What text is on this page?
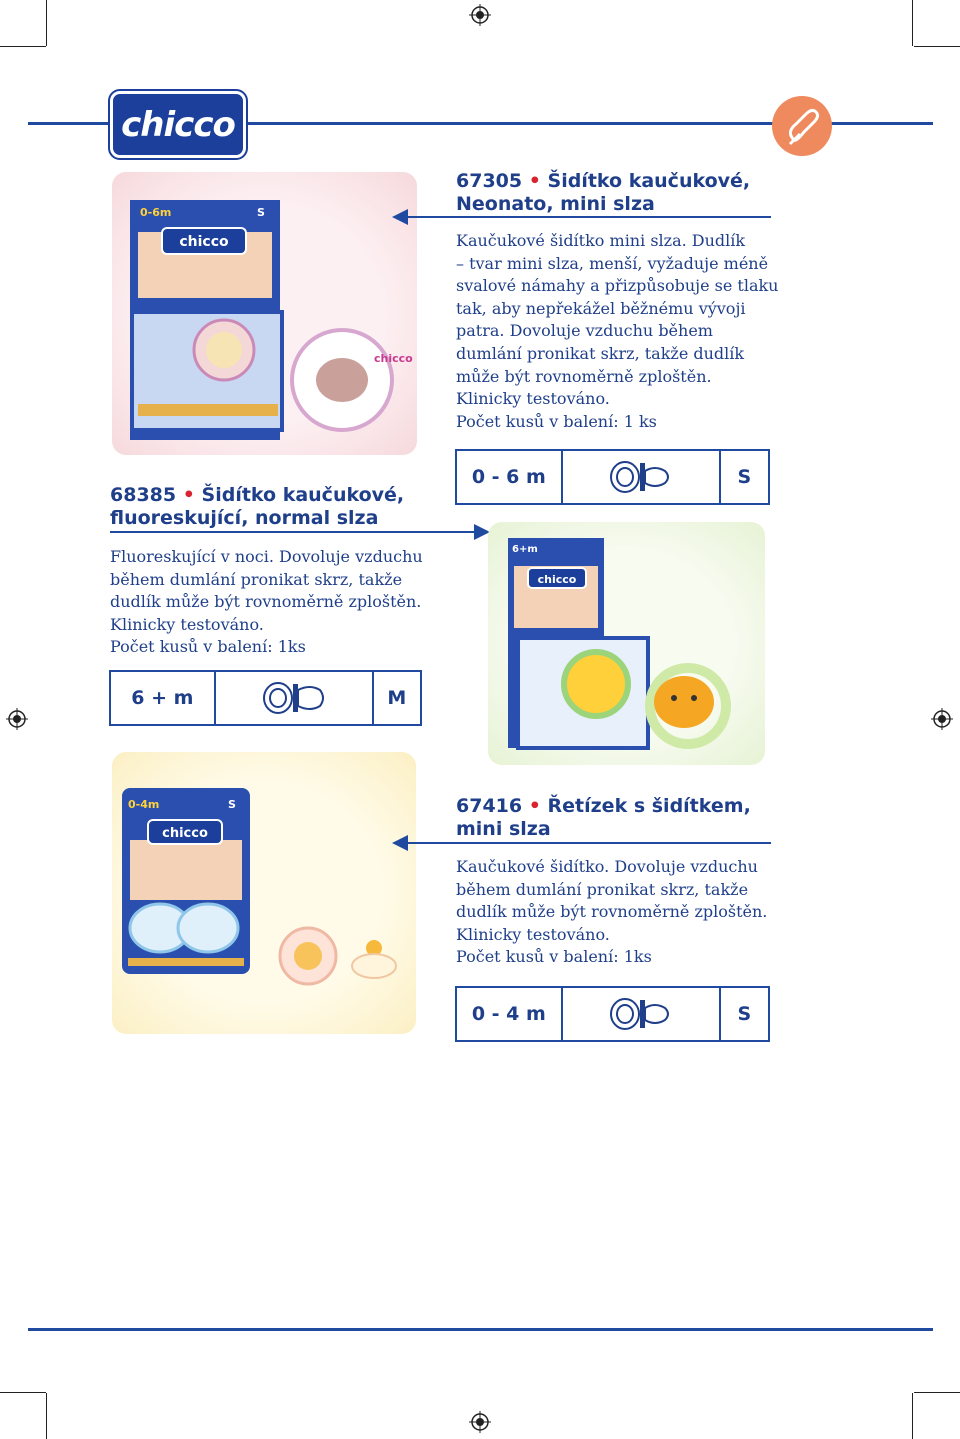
chicco
chicco
0-6m	S
chicco
67305 • Šidítko kaučukové,
Neonato, mini slza
Kaučukové šidítko mini slza. Dudlík
– tvar mini slza, menší, vyžaduje méně
svalové námahy a přizpůsobuje se tlaku
tak, aby nepřekážel běžnému vývoji
patra. Dovoluje vzduchu během
dumlání pronikat skrz, takže dudlík
může být rovnoměrně zploštěn.
Klinicky testováno.
Počet kusů v balení: 1 ks
0 - 6 m	S
68385 • Šidítko kaučukové,
fluoreskující, normal slza
Fluoreskující v noci. Dovoluje vzduchu
během dumlání pronikat skrz, takže
dudlík může být rovnoměrně zploštěn.
Klinicky testováno.
Počet kusů v balení: 1ks
6 + m	M
chicco
6+m
chicco
0-4m	S	67416 • Řetízek s šidítkem,
mini slza
Kaučukové šidítko. Dovoluje vzduchu
během dumlání pronikat skrz, takže
dudlík může být rovnoměrně zploštěn.
Klinicky testováno.
Počet kusů v balení: 1ks
0 - 4 m	S
